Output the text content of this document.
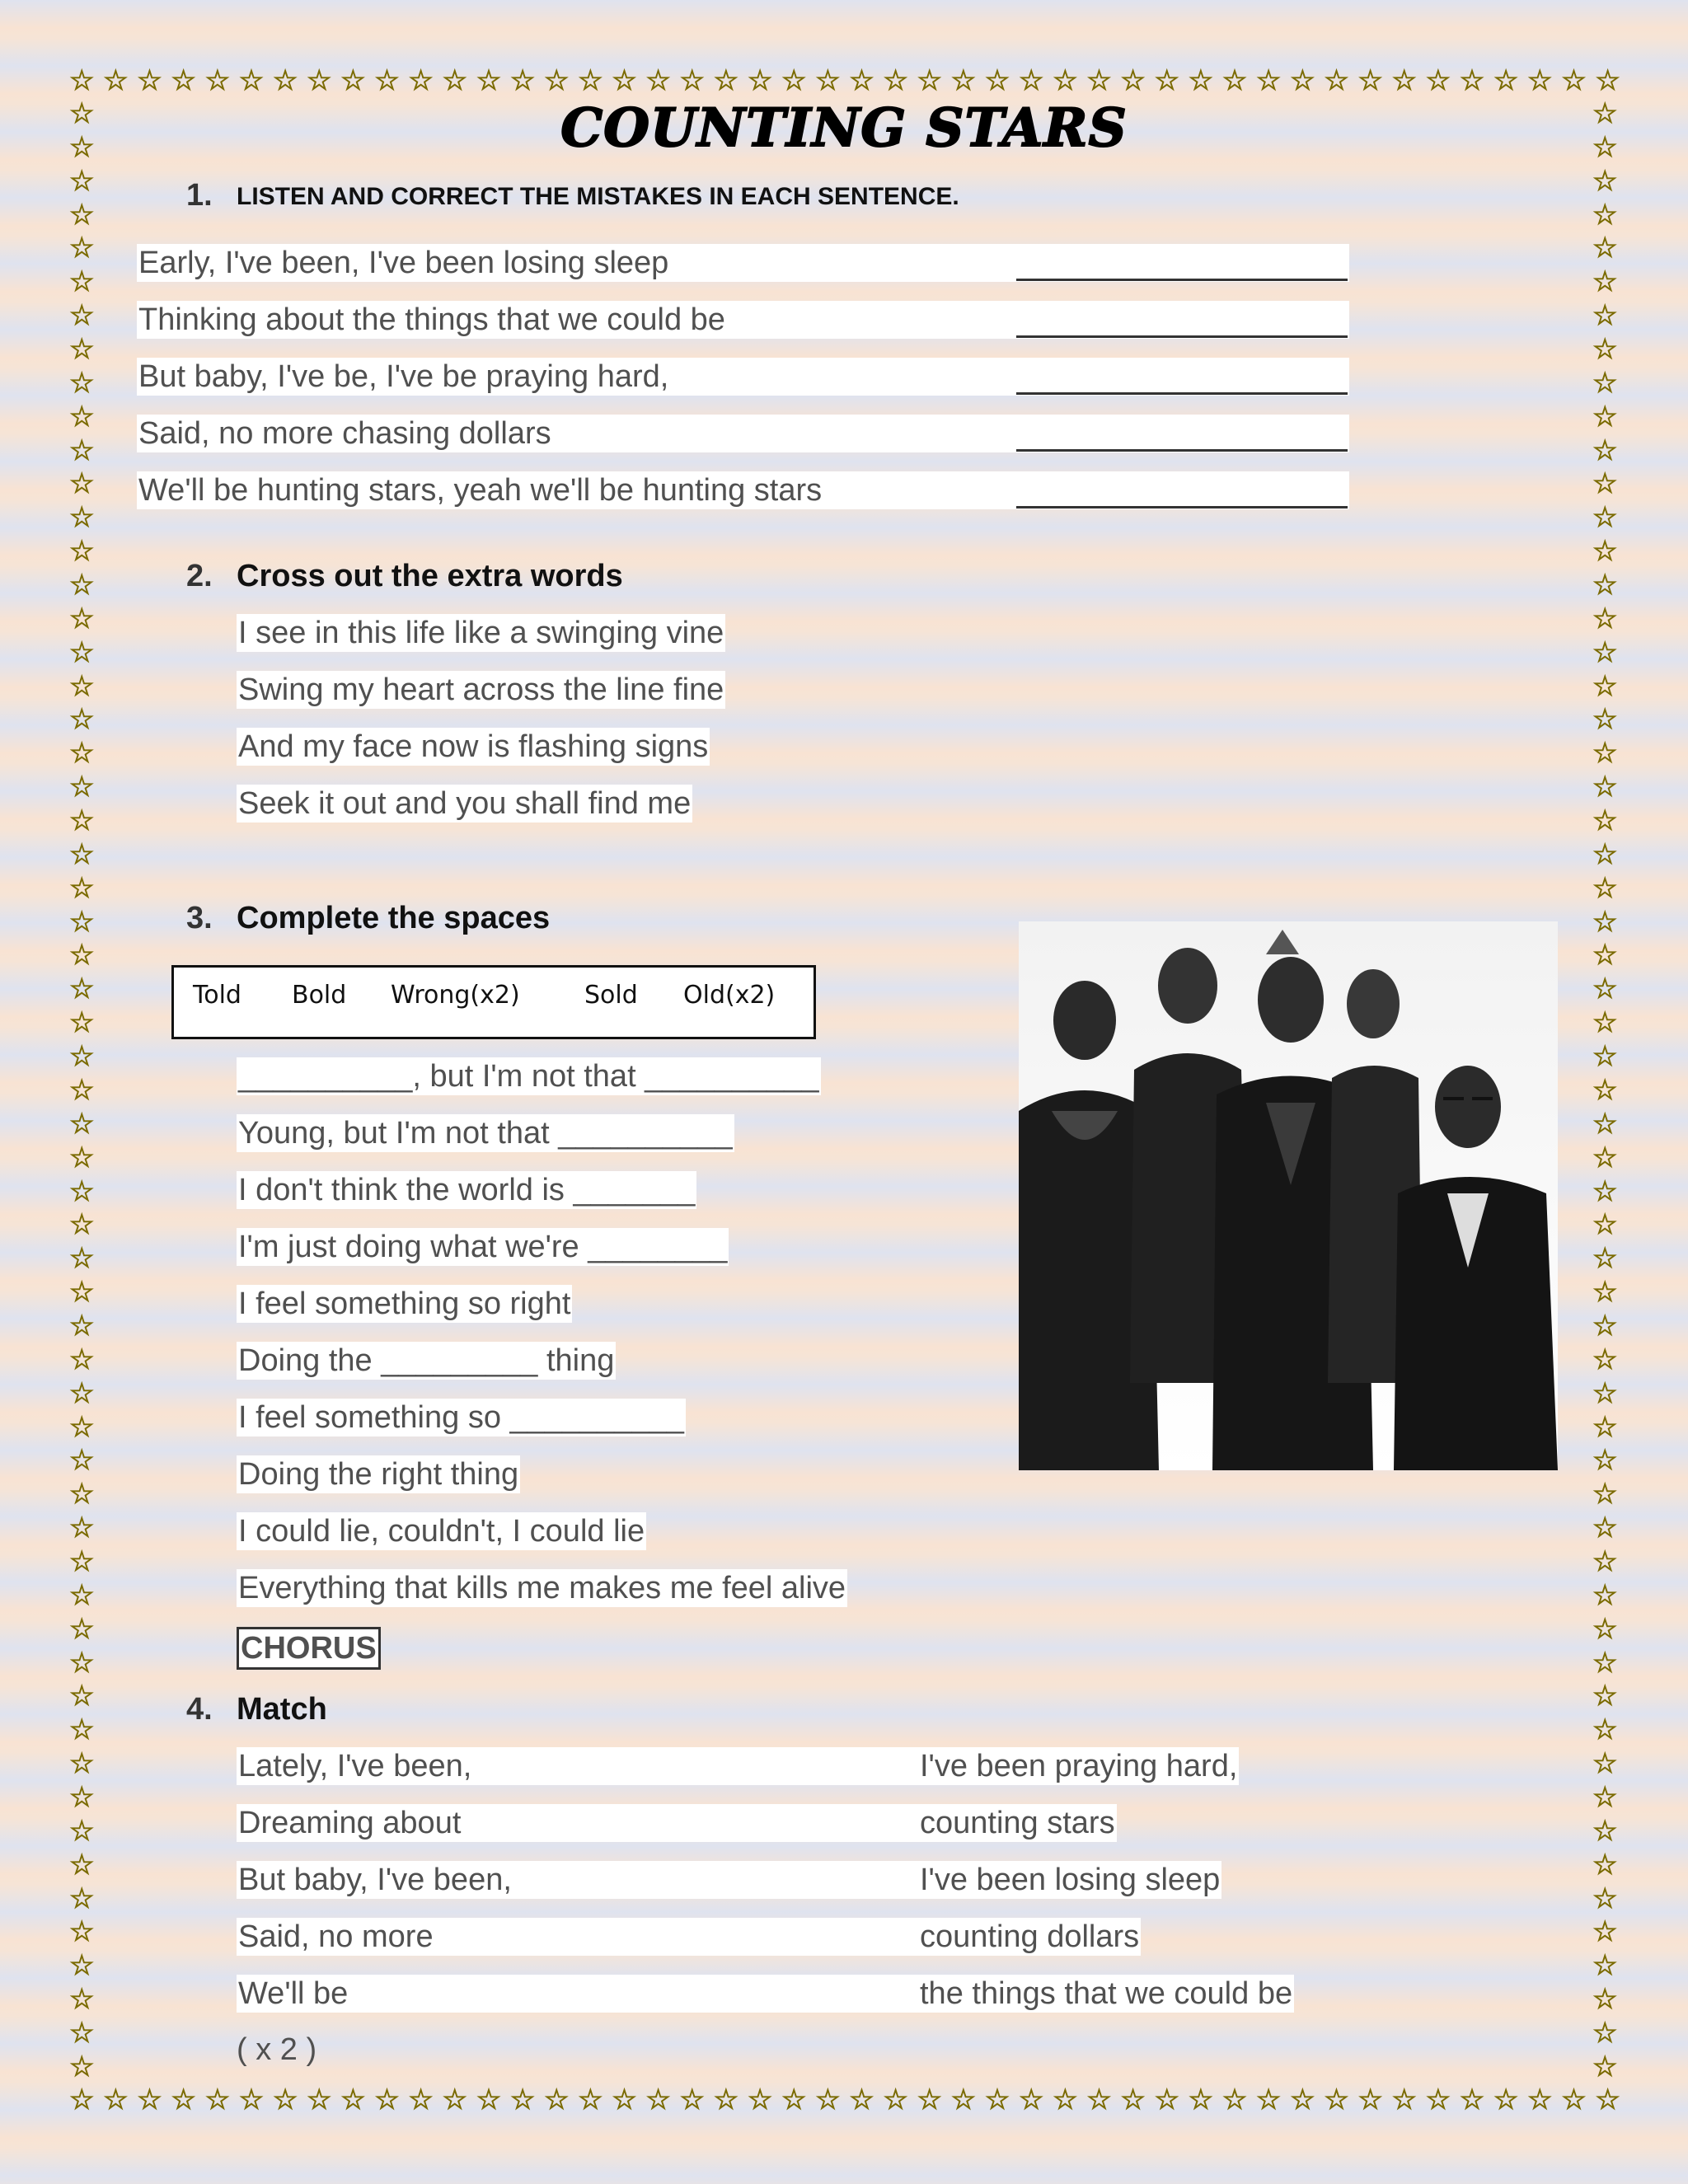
☆ ☆ ☆ ☆ ☆ ☆ ☆ ☆ ☆ ☆ ☆ ☆ ☆ ☆ ☆ ☆ ☆ ☆ ☆ ☆ ☆ ☆ ☆ ☆ ☆ ☆ ☆ ☆ ☆ ☆ ☆ ☆ ☆ ☆ ☆ ☆ ☆ ☆ ☆ ☆ ☆ ☆ ☆ ☆ ☆ ☆
☆ ☆ ☆ ☆ ☆ ☆ ☆ ☆ ☆ ☆ ☆ ☆ ☆ ☆ ☆ ☆ ☆ ☆ ☆ ☆ ☆ ☆ ☆ ☆ ☆ ☆ ☆ ☆ ☆ ☆ ☆ ☆ ☆ ☆ ☆ ☆ ☆ ☆ ☆ ☆ ☆ ☆ ☆ ☆ ☆ ☆
☆
☆
☆
☆
☆
☆
☆
☆
☆
☆
☆
☆
☆
☆
☆
☆
☆
☆
☆
☆
☆
☆
☆
☆
☆
☆
☆
☆
☆
☆
☆
☆
☆
☆
☆
☆
☆
☆
☆
☆
☆
☆
☆
☆
☆
☆
☆
☆
☆
☆
☆
☆
☆
☆
☆
☆
☆
☆
☆
☆
☆
☆
☆
☆
☆
☆
☆
☆
☆
☆
☆
☆
☆
☆
☆
☆
☆
☆
☆
☆
☆
☆
☆
☆
☆
☆
☆
☆
☆
☆
☆
☆
☆
☆
☆
☆
☆
☆
☆
☆
☆
☆
☆
☆
☆
☆
☆
☆
☆
☆
☆
☆
☆
☆
☆
☆
☆
☆
COUNTING STARS
1. LISTEN AND CORRECT THE MISTAKES IN EACH SENTENCE.
Early, I've been, I've been losing sleep
Thinking about the things that we could be
But baby, I've be, I've be praying hard,
Said, no more chasing dollars
We'll be hunting stars, yeah we'll be hunting stars
2. Cross out the extra words
I see in this life like a swinging vine
Swing my heart across the line fine
And my face now is flashing signs
Seek it out and you shall find me
3. Complete the spaces
Told Bold Wrong(x2)	Sold Old(x2)
__________, but I'm not that __________
Young, but I'm not that __________
I don't think the world is _______
I'm just doing what we're ________
I feel something so right
Doing the _________ thing
I feel something so __________
Doing the right thing
I could lie, couldn't, I could lie
Everything that kills me makes me feel alive
CHORUS
4. Match
Lately, I've been,
Dreaming about
But baby, I've been,
Said, no more
We'll be
I've been praying hard,
counting stars
I've been losing sleep
counting dollars
the things that we could be
( x 2 )
